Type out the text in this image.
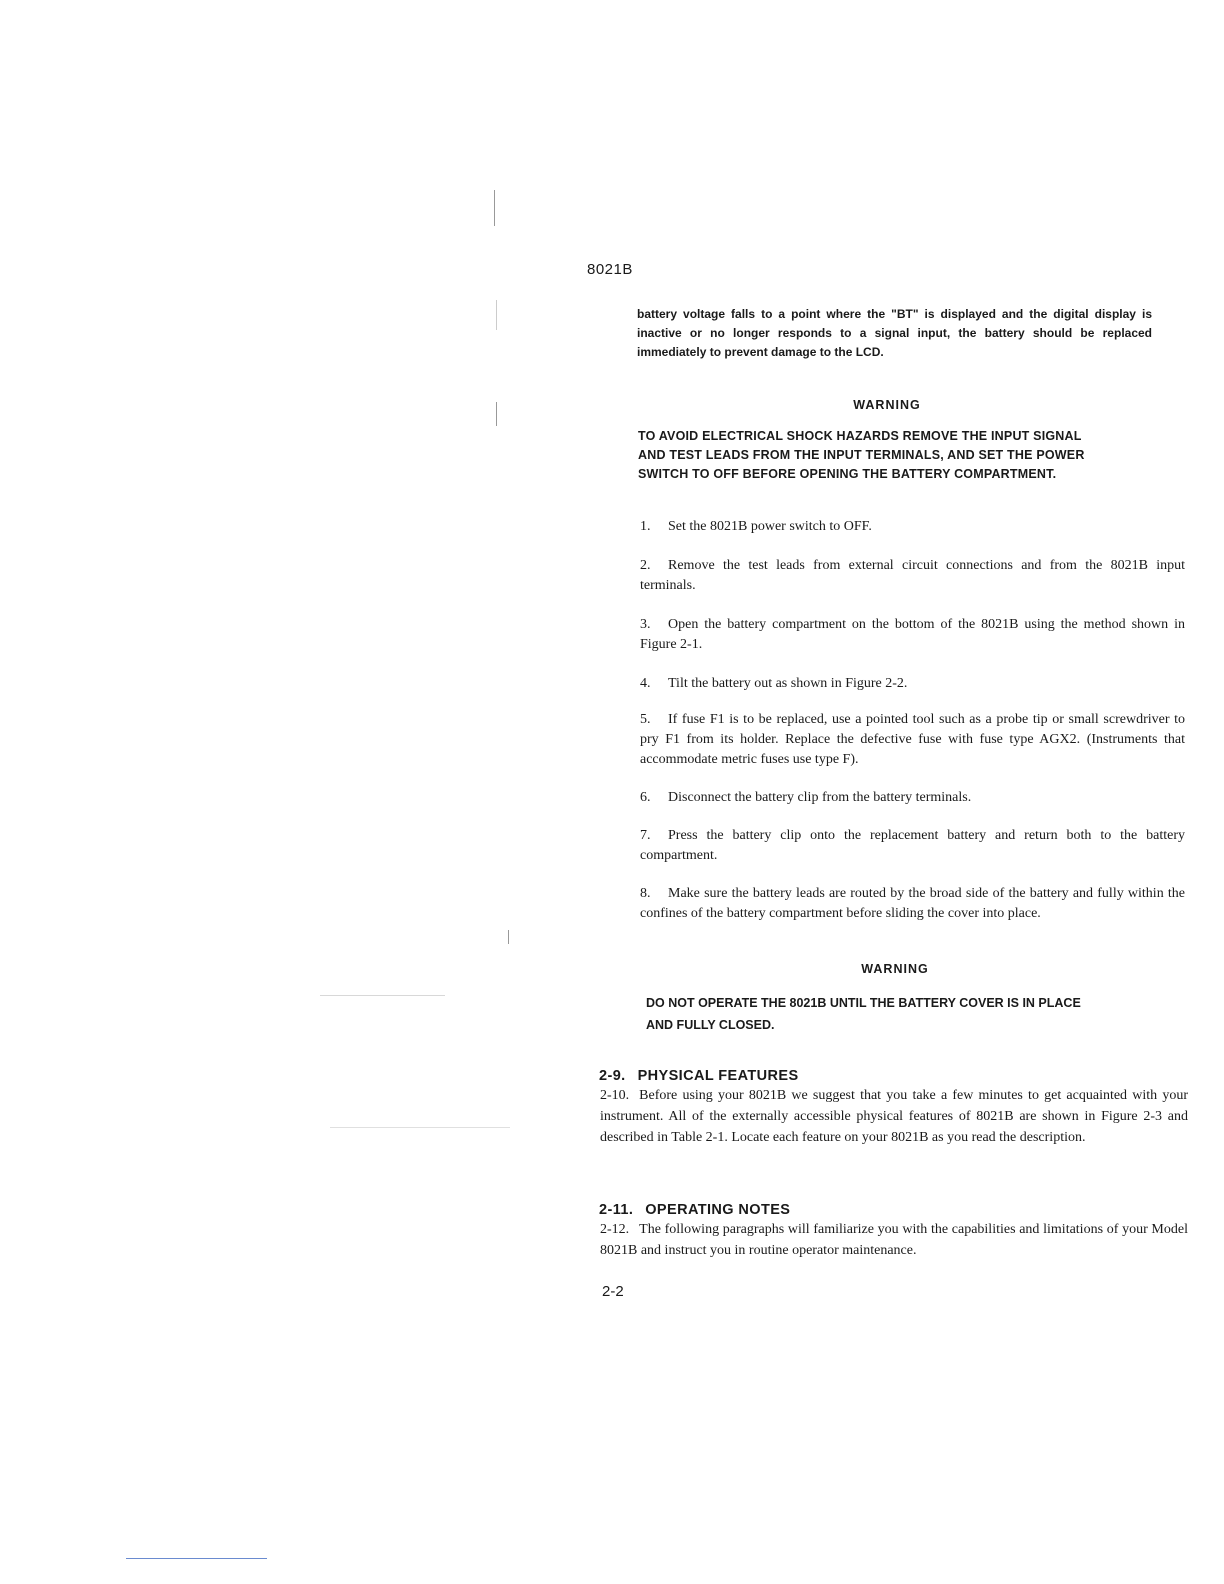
8021B
battery voltage falls to a point where the "BT" is displayed and the digital display is inactive or no longer responds to a signal input, the battery should be replaced immediately to prevent damage to the LCD.
WARNING
TO AVOID ELECTRICAL SHOCK HAZARDS REMOVE THE INPUT SIGNAL
AND TEST LEADS FROM THE INPUT TERMINALS, AND SET THE POWER
SWITCH TO OFF BEFORE OPENING THE BATTERY COMPARTMENT.
1. Set the 8021B power switch to OFF.
2. Remove the test leads from external circuit connections and from the 8021B input terminals.
3. Open the battery compartment on the bottom of the 8021B using the method shown in Figure 2-1.
4. Tilt the battery out as shown in Figure 2-2.
5. If fuse F1 is to be replaced, use a pointed tool such as a probe tip or small screwdriver to pry F1 from its holder. Replace the defective fuse with fuse type AGX2. (Instruments that accommodate metric fuses use type F).
6. Disconnect the battery clip from the battery terminals.
7. Press the battery clip onto the replacement battery and return both to the battery compartment.
8. Make sure the battery leads are routed by the broad side of the battery and fully within the confines of the battery compartment before sliding the cover into place.
WARNING
DO NOT OPERATE THE 8021B UNTIL THE BATTERY COVER IS IN PLACE
AND FULLY CLOSED.
2-9. PHYSICAL FEATURES
2-10. Before using your 8021B we suggest that you take a few minutes to get acquainted with your instrument. All of the externally accessible physical features of 8021B are shown in Figure 2-3 and described in Table 2-1. Locate each feature on your 8021B as you read the description.
2-11. OPERATING NOTES
2-12. The following paragraphs will familiarize you with the capabilities and limitations of your Model 8021B and instruct you in routine operator maintenance.
2-2
